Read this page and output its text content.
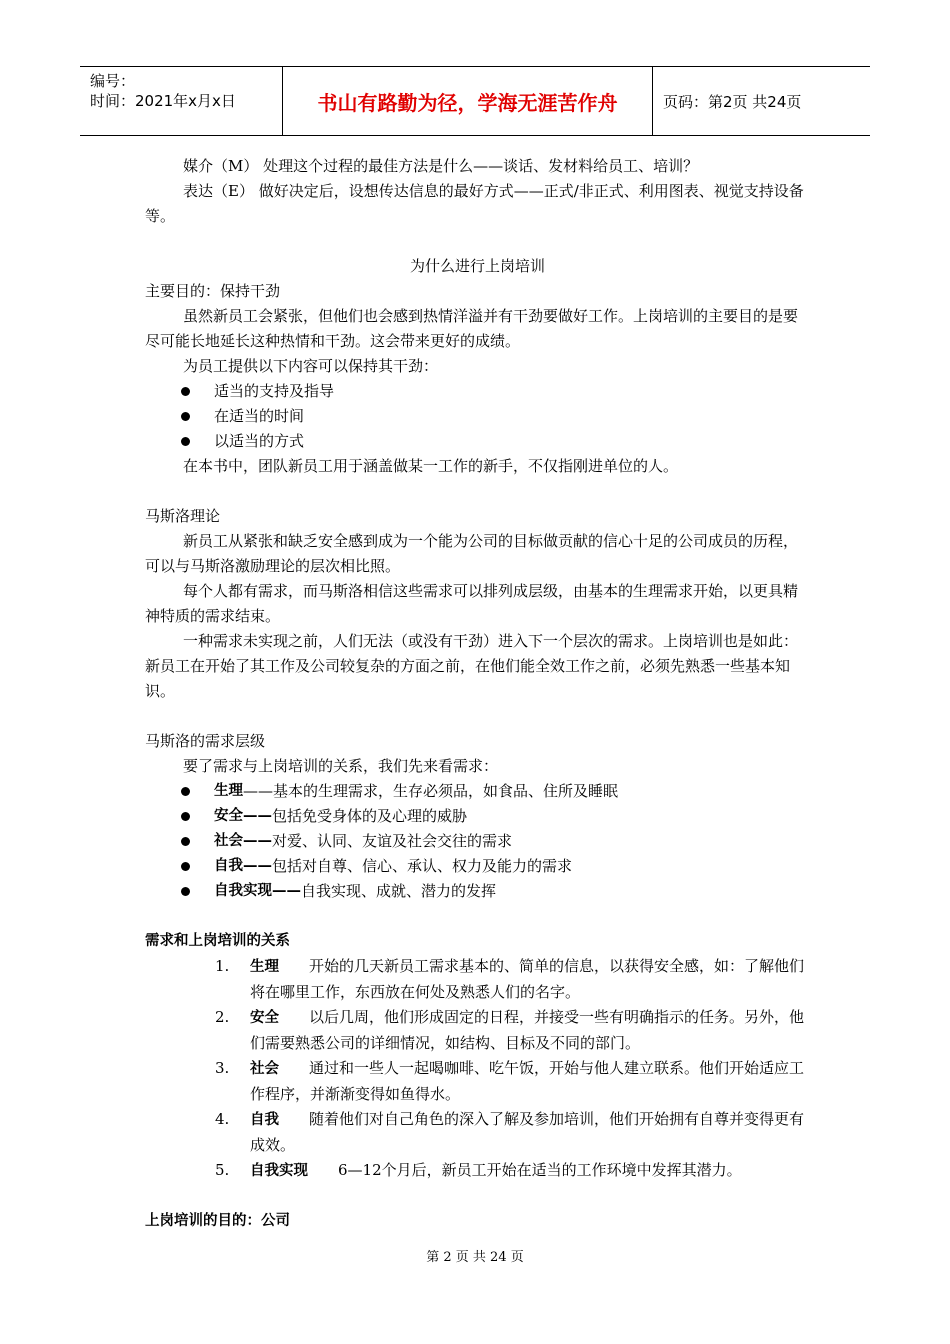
编号：
时间：2021年x月x日	书山有路勤为径，学海无涯苦作舟	页码：第2页 共24页

媒介（M） 处理这个过程的最佳方法是什么——谈话、发材料给员工、培训？

表达（E） 做好决定后，设想传达信息的最好方式——正式/非正式、利用图表、视觉支持设备等。

为什么进行上岗培训

主要目的：保持干劲

虽然新员工会紧张，但他们也会感到热情洋溢并有干劲要做好工作。上岗培训的主要目的是要尽可能长地延长这种热情和干劲。这会带来更好的成绩。

为员工提供以下内容可以保持其干劲：

适当的支持及指导
在适当的时间
以适当的方式

在本书中，团队新员工用于涵盖做某一工作的新手，不仅指刚进单位的人。

马斯洛理论

新员工从紧张和缺乏安全感到成为一个能为公司的目标做贡献的信心十足的公司成员的历程，可以与马斯洛激励理论的层次相比照。

每个人都有需求，而马斯洛相信这些需求可以排列成层级，由基本的生理需求开始，以更具精神特质的需求结束。

一种需求未实现之前，人们无法（或没有干劲）进入下一个层次的需求。上岗培训也是如此：新员工在开始了其工作及公司较复杂的方面之前，在他们能全效工作之前，必须先熟悉一些基本知识。

马斯洛的需求层级

要了需求与上岗培训的关系，我们先来看需求：

生理 ——基本的生理需求，生存必须品，如食品、住所及睡眠
安全—— 包括免受身体的及心理的威胁
社会—— 对爱、认同、友谊及社会交往的需求
自我—— 包括对自尊、信心、承认、权力及能力的需求
自我实现—— 自我实现、成就、潜力的发挥

需求和上岗培训的关系

1.	生理 开始的几天新员工需求基本的、简单的信息，以获得安全感，如：了解他们将在哪里工作，东西放在何处及熟悉人们的名字。
2.	安全 以后几周，他们形成固定的日程，并接受一些有明确指示的任务。另外，他们需要熟悉公司的详细情况，如结构、目标及不同的部门。
3.	社会 通过和一些人一起喝咖啡、吃午饭，开始与他人建立联系。他们开始适应工作程序，并渐渐变得如鱼得水。
4.	自我 随着他们对自己角色的深入了解及参加培训，他们开始拥有自尊并变得更有成效。
5.	自我实现 6—12个月后，新员工开始在适当的工作环境中发挥其潜力。

上岗培训的目的：公司

第 2 页 共 24 页
